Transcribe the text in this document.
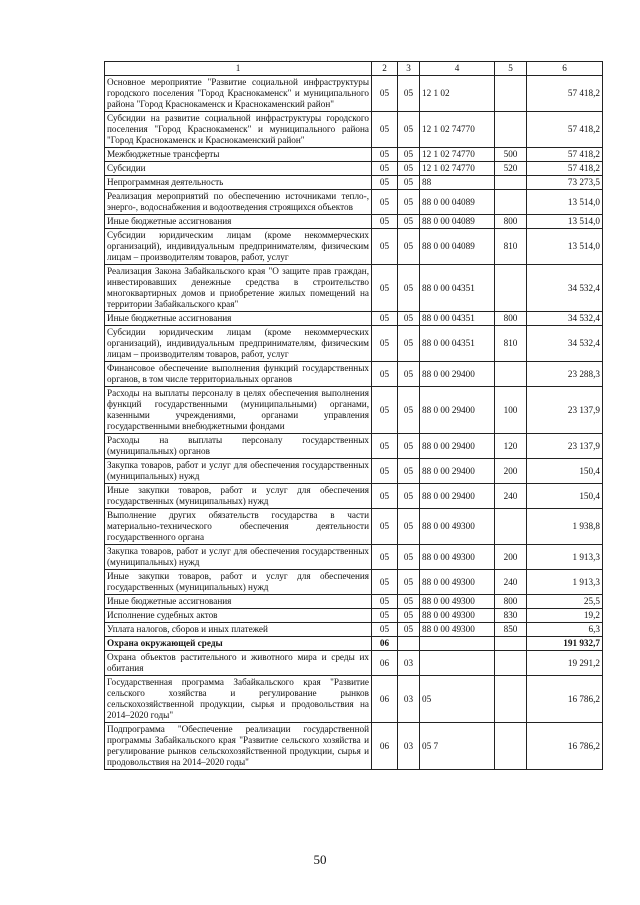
1	2	3	4	5	6
Основное мероприятие "Развитие социальной инфраструктуры городского поселения "Город Краснокаменск" и муниципального района "Город Краснокаменск и Краснокаменский район"	05	05	12 1 02		57 418,2
Субсидии на развитие социальной инфраструктуры городского поселения "Город Краснокаменск" и муниципального района "Город Краснокаменск и Краснокаменский район"	05	05	12 1 02 74770		57 418,2
Межбюджетные трансферты	05	05	12 1 02 74770	500	57 418,2
Субсидии	05	05	12 1 02 74770	520	57 418,2
Непрограммная деятельность	05	05	88		73 273,5
Реализация мероприятий по обеспечению источниками тепло-, энерго-, водоснабжения и водоотведения строящихся объектов	05	05	88 0 00 04089		13 514,0
Иные бюджетные ассигнования	05	05	88 0 00 04089	800	13 514,0
Субсидии юридическим лицам (кроме некоммерческих организаций), индивидуальным предпринимателям, физическим лицам – производителям товаров, работ, услуг	05	05	88 0 00 04089	810	13 514,0
Реализация Закона Забайкальского края "О защите прав граждан, инвестировавших денежные средства в строительство многоквартирных домов и приобретение жилых помещений на территории Забайкальского края"	05	05	88 0 00 04351		34 532,4
Иные бюджетные ассигнования	05	05	88 0 00 04351	800	34 532,4
Субсидии юридическим лицам (кроме некоммерческих организаций), индивидуальным предпринимателям, физическим лицам – производителям товаров, работ, услуг	05	05	88 0 00 04351	810	34 532,4
Финансовое обеспечение выполнения функций государственных органов, в том числе территориальных органов	05	05	88 0 00 29400		23 288,3
Расходы на выплаты персоналу в целях обеспечения выполнения функций государственными (муниципальными) органами, казенными учреждениями, органами управления государственными внебюджетными фондами	05	05	88 0 00 29400	100	23 137,9
Расходы на выплаты персоналу государственных (муниципальных) органов	05	05	88 0 00 29400	120	23 137,9
Закупка товаров, работ и услуг для обеспечения государственных (муниципальных) нужд	05	05	88 0 00 29400	200	150,4
Иные закупки товаров, работ и услуг для обеспечения государственных (муниципальных) нужд	05	05	88 0 00 29400	240	150,4
Выполнение других обязательств государства в части материально-технического обеспечения деятельности государственного органа	05	05	88 0 00 49300		1 938,8
Закупка товаров, работ и услуг для обеспечения государственных (муниципальных) нужд	05	05	88 0 00 49300	200	1 913,3
Иные закупки товаров, работ и услуг для обеспечения государственных (муниципальных) нужд	05	05	88 0 00 49300	240	1 913,3
Иные бюджетные ассигнования	05	05	88 0 00 49300	800	25,5
Исполнение судебных актов	05	05	88 0 00 49300	830	19,2
Уплата налогов, сборов и иных платежей	05	05	88 0 00 49300	850	6,3
Охрана окружающей среды	06				191 932,7
Охрана объектов растительного и животного мира и среды их обитания	06	03			19 291,2
Государственная программа Забайкальского края "Развитие сельского хозяйства и регулирование рынков сельскохозяйственной продукции, сырья и продовольствия на 2014–2020 годы"	06	03	05		16 786,2
Подпрограмма "Обеспечение реализации государственной программы Забайкальского края "Развитие сельского хозяйства и регулирование рынков сельскохозяйственной продукции, сырья и продовольствия на 2014–2020 годы"	06	03	05 7		16 786,2
50
